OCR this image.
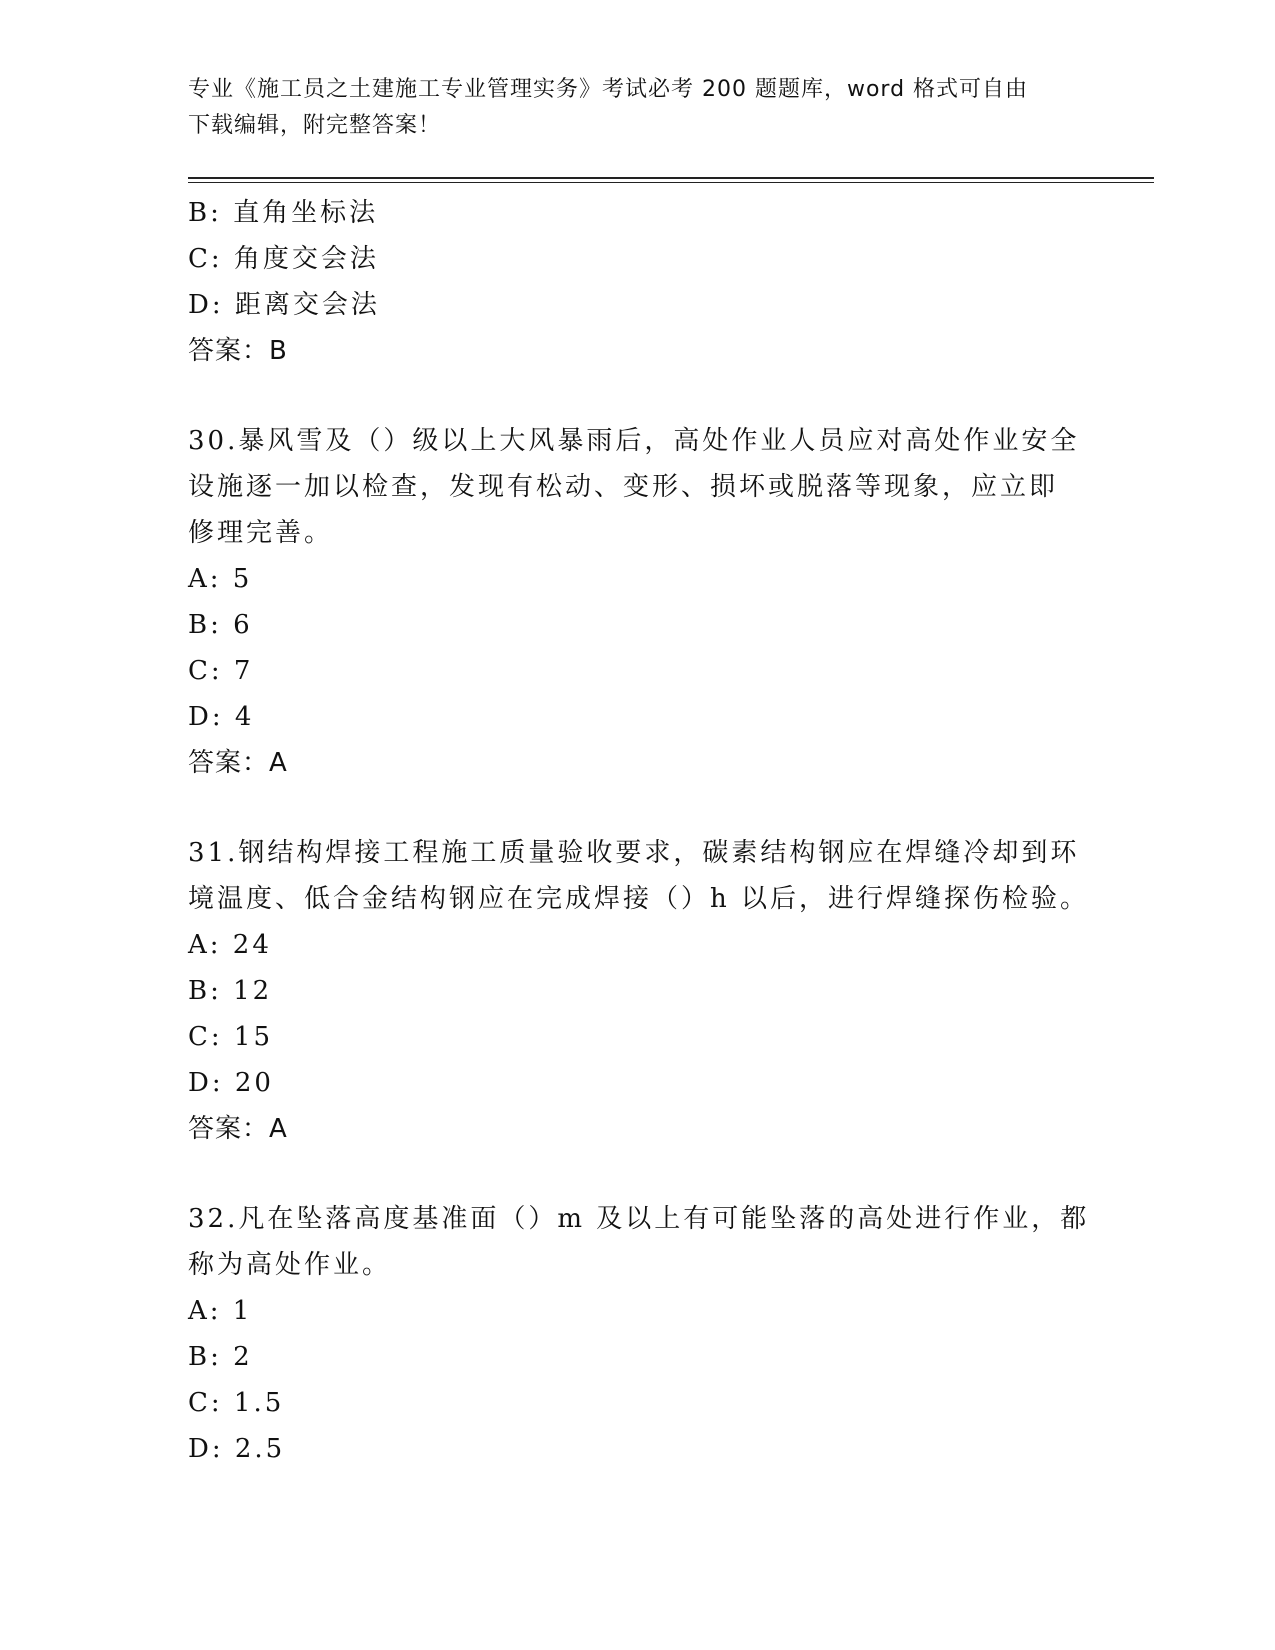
专业《施工员之土建施工专业管理实务》考试必考 200 题题库，word 格式可自由
下载编辑，附完整答案！
B: 直角坐标法
C: 角度交会法
D: 距离交会法
答案：B
30.暴风雪及（）级以上大风暴雨后，高处作业人员应对高处作业安全
设施逐一加以检查，发现有松动、变形、损坏或脱落等现象，应立即
修理完善。
A: 5
B: 6
C: 7
D: 4
答案：A
31.钢结构焊接工程施工质量验收要求，碳素结构钢应在焊缝冷却到环
境温度、低合金结构钢应在完成焊接（）h 以后，进行焊缝探伤检验。
A: 24
B: 12
C: 15
D: 20
答案：A
32.凡在坠落高度基准面（）m 及以上有可能坠落的高处进行作业，都
称为高处作业。
A: 1
B: 2
C: 1.5
D: 2.5
